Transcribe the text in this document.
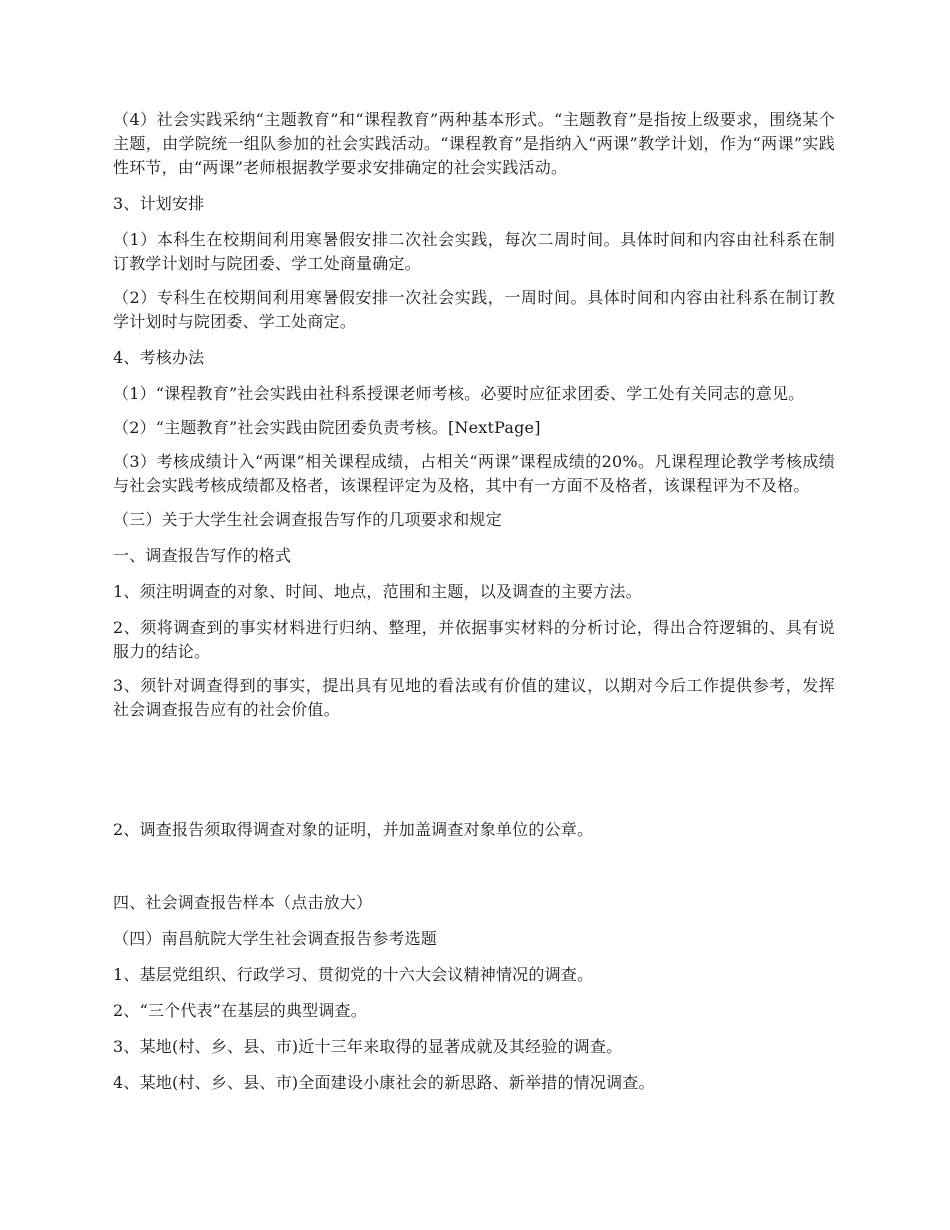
（4）社会实践采纳“主题教育”和“课程教育”两种基本形式。“主题教育”是指按上级要求，围绕某个主题，由学院统一组队参加的社会实践活动。“课程教育”是指纳入“两课”教学计划，作为“两课”实践性环节，由“两课”老师根据教学要求安排确定的社会实践活动。

3、计划安排

（1）本科生在校期间利用寒暑假安排二次社会实践，每次二周时间。具体时间和内容由社科系在制订教学计划时与院团委、学工处商量确定。

（2）专科生在校期间利用寒暑假安排一次社会实践，一周时间。具体时间和内容由社科系在制订教学计划时与院团委、学工处商定。

4、考核办法

（1）“课程教育”社会实践由社科系授课老师考核。必要时应征求团委、学工处有关同志的意见。

（2）“主题教育”社会实践由院团委负责考核。[NextPage]

（3）考核成绩计入“两课”相关课程成绩，占相关“两课”课程成绩的20%。凡课程理论教学考核成绩与社会实践考核成绩都及格者，该课程评定为及格，其中有一方面不及格者，该课程评为不及格。

（三）关于大学生社会调查报告写作的几项要求和规定

一、调查报告写作的格式

1、须注明调查的对象、时间、地点，范围和主题，以及调查的主要方法。

2、须将调查到的事实材料进行归纳、整理，并依据事实材料的分析讨论，得出合符逻辑的、具有说服力的结论。

3、须针对调查得到的事实，提出具有见地的看法或有价值的建议，以期对今后工作提供参考，发挥社会调查报告应有的社会价值。

2、调查报告须取得调查对象的证明，并加盖调查对象单位的公章。

四、社会调查报告样本（点击放大）

（四）南昌航院大学生社会调查报告参考选题

1、基层党组织、行政学习、贯彻党的十六大会议精神情况的调查。

2、“三个代表”在基层的典型调查。

3、某地(村、乡、县、市)近十三年来取得的显著成就及其经验的调查。

4、某地(村、乡、县、市)全面建设小康社会的新思路、新举措的情况调查。
